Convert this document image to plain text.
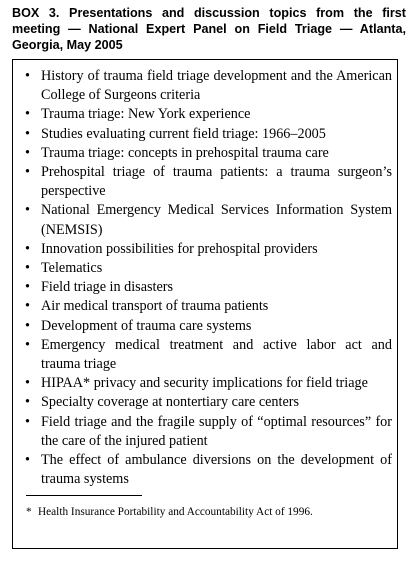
BOX 3. Presentations and discussion topics from the first meeting — National Expert Panel on Field Triage — Atlanta, Georgia, May 2005
• History of trauma field triage development and the American College of Surgeons criteria
• Trauma triage: New York experience
• Studies evaluating current field triage: 1966–2005
• Trauma triage: concepts in prehospital trauma care
• Prehospital triage of trauma patients: a trauma surgeon’s perspective
• National Emergency Medical Services Information System (NEMSIS)
• Innovation possibilities for prehospital providers
• Telematics
• Field triage in disasters
• Air medical transport of trauma patients
• Development of trauma care systems
• Emergency medical treatment and active labor act and trauma triage
• HIPAA* privacy and security implications for field triage
• Specialty coverage at nontertiary care centers
• Field triage and the fragile supply of “optimal resources” for the care of the injured patient
• The effect of ambulance diversions on the development of trauma systems
* Health Insurance Portability and Accountability Act of 1996.
